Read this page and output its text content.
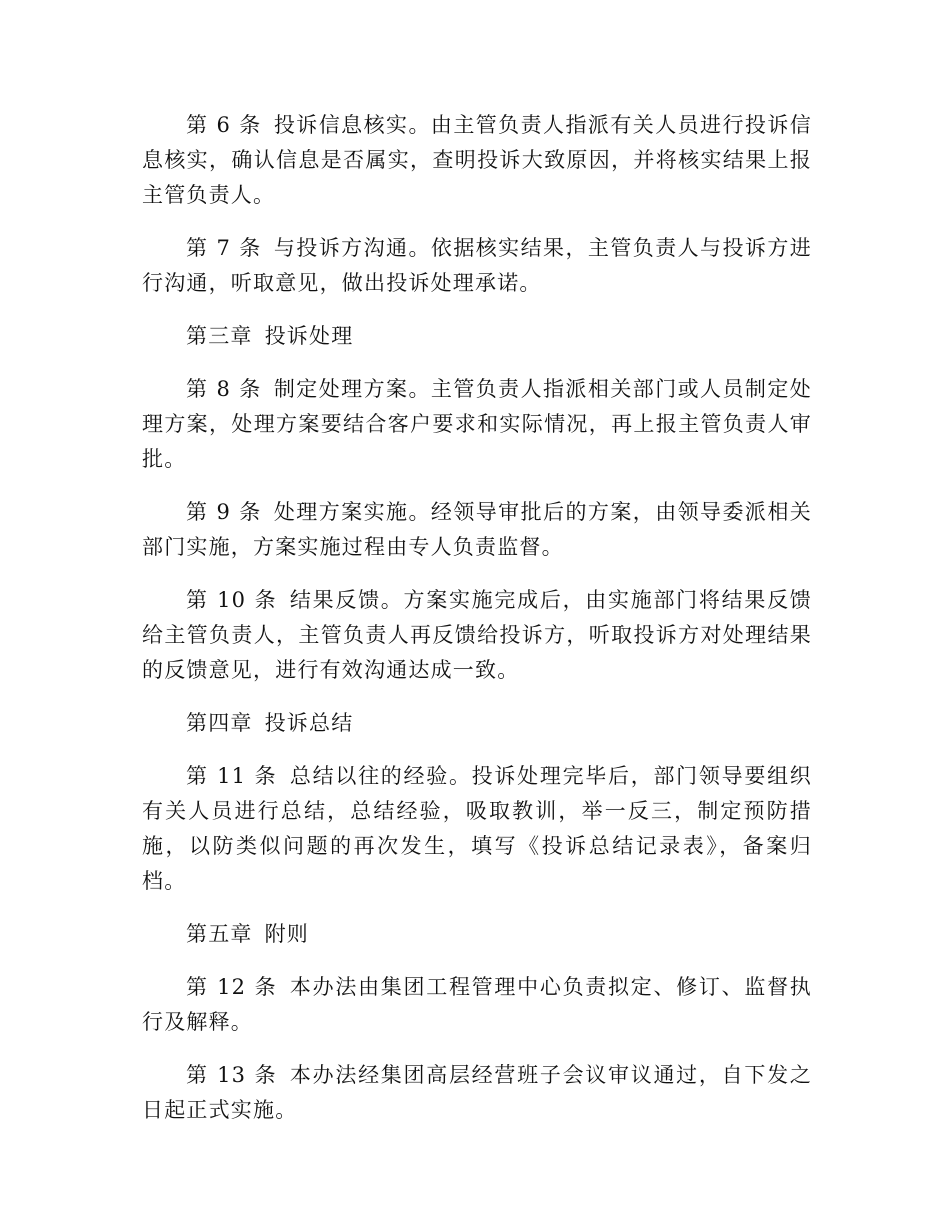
第 6 条 投诉信息核实。由主管负责人指派有关人员进行投诉信息核实，确认信息是否属实，查明投诉大致原因，并将核实结果上报主管负责人。

第 7 条 与投诉方沟通。依据核实结果，主管负责人与投诉方进行沟通，听取意见，做出投诉处理承诺。

第三章 投诉处理

第 8 条 制定处理方案。主管负责人指派相关部门或人员制定处理方案，处理方案要结合客户要求和实际情况，再上报主管负责人审批。

第 9 条 处理方案实施。经领导审批后的方案，由领导委派相关部门实施，方案实施过程由专人负责监督。

第 10 条 结果反馈。方案实施完成后，由实施部门将结果反馈给主管负责人，主管负责人再反馈给投诉方，听取投诉方对处理结果的反馈意见，进行有效沟通达成一致。

第四章 投诉总结

第 11 条 总结以往的经验。投诉处理完毕后，部门领导要组织有关人员进行总结，总结经验，吸取教训，举一反三，制定预防措施，以防类似问题的再次发生，填写《投诉总结记录表》，备案归档。

第五章 附则

第 12 条 本办法由集团工程管理中心负责拟定、修订、监督执行及解释。

第 13 条 本办法经集团高层经营班子会议审议通过，自下发之日起正式实施。
